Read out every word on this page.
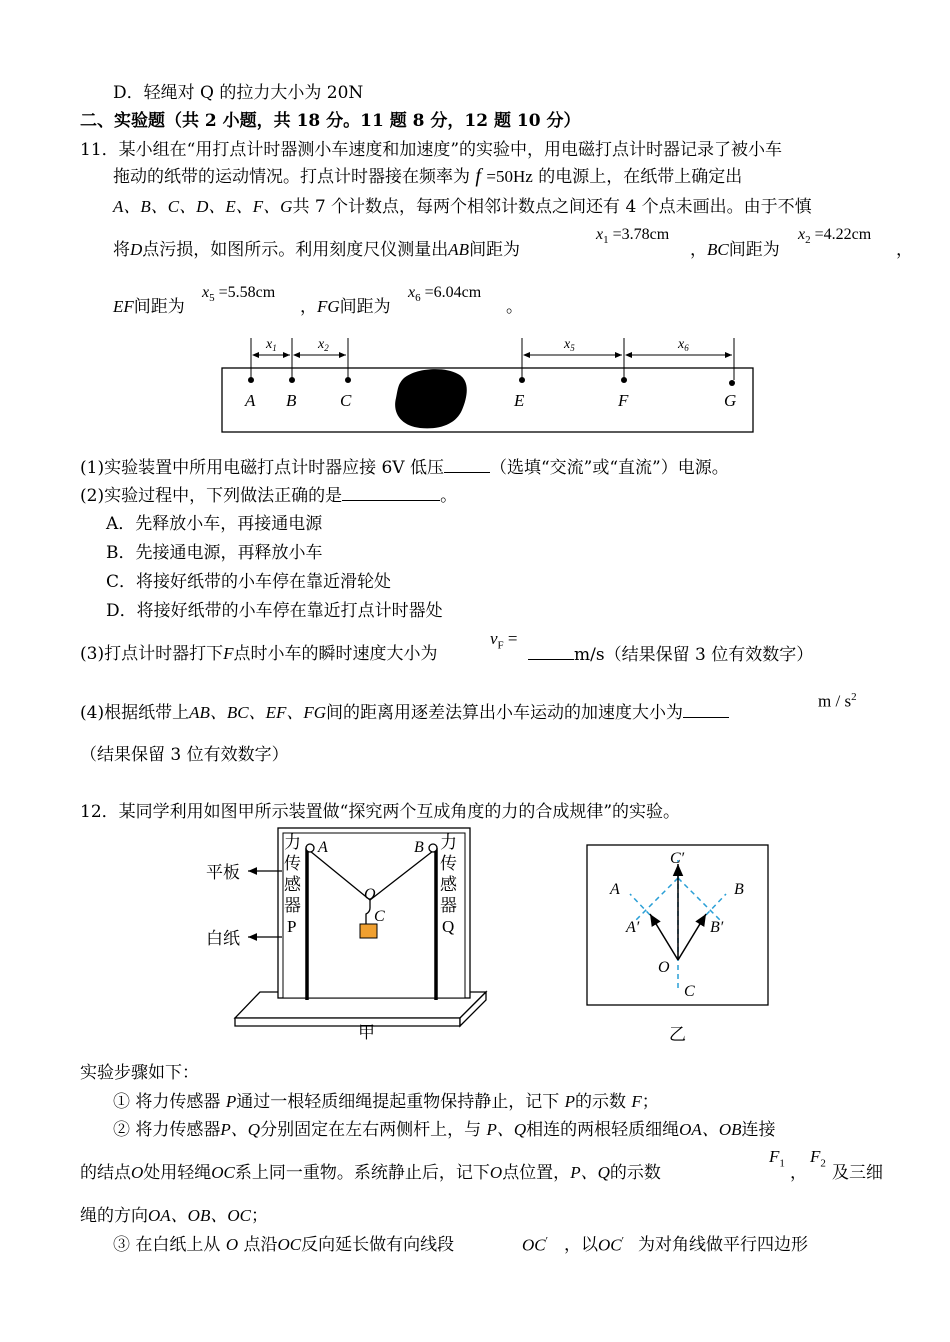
D．轻绳对 Q 的拉力大小为 20N
二、实验题（共 2 小题，共 18 分。11 题 8 分，12 题 10 分）
11．某小组在“用打点计时器测小车速度和加速度”的实验中，用电磁打点计时器记录了被小车
拖动的纸带的运动情况。打点计时器接在频率为 f =50Hz 的电源上，在纸带上确定出
A、B、C、D、E、F、G共 7 个计数点，每两个相邻计数点之间还有 4 个点未画出。由于不慎
将D点污损，如图所示。利用刻度尺仪测量出AB间距为
$x_1 =3.78cm$
，BC间距为
$x_2 =4.22cm$
，
EF间距为
$x_5 =5.58cm$
，FG间距为
$x_6 =6.04cm$
。
$x_1$	$x_2$	$x_5$	$x_6$
A B	C	E	F	G
(1)实验装置中所用电磁打点计时器应接 6V 低压	（选填“交流”或“直流”）电源。
(2)实验过程中，下列做法正确的是	。
A．先释放小车，再接通电源
B．先接通电源，再释放小车
C．将接好纸带的小车停在靠近滑轮处
D．将接好纸带的小车停在靠近打点计时器处
(3)打点计时器打下F点时小车的瞬时速度大小为
$v_F$ =
m/s（结果保留 3 位有效数字）
(4)根据纸带上AB、BC、EF、FG间的距离用逐差法算出小车运动的加速度大小为
m / $s^2$
（结果保留 3 位有效数字）
12．某同学利用如图甲所示装置做“探究两个互成角度的力的合成规律”的实验。
力
传
感
器
P
力
传
感
器
Q
A	B
O
C
平板
白纸
甲
A	B
C′
A′	B′
O
C
乙
实验步骤如下：
① 将力传感器 P通过一根轻质细绳提起重物保持静止，记下 P的示数 F；
② 将力传感器P、Q分别固定在左右两侧杆上，与 P、Q相连的两根轻质细绳OA、OB连接
的结点O处用轻绳OC系上同一重物。系统静止后，记下O点位置，P、Q的示数
$F_1$ ，
$F_2$ 及三细
绳的方向OA、OB、OC；
③ 在白纸上从 O 点沿OC反向延长做有向线段	OC′ ，以 OC′ 为对角线做平行四边形
